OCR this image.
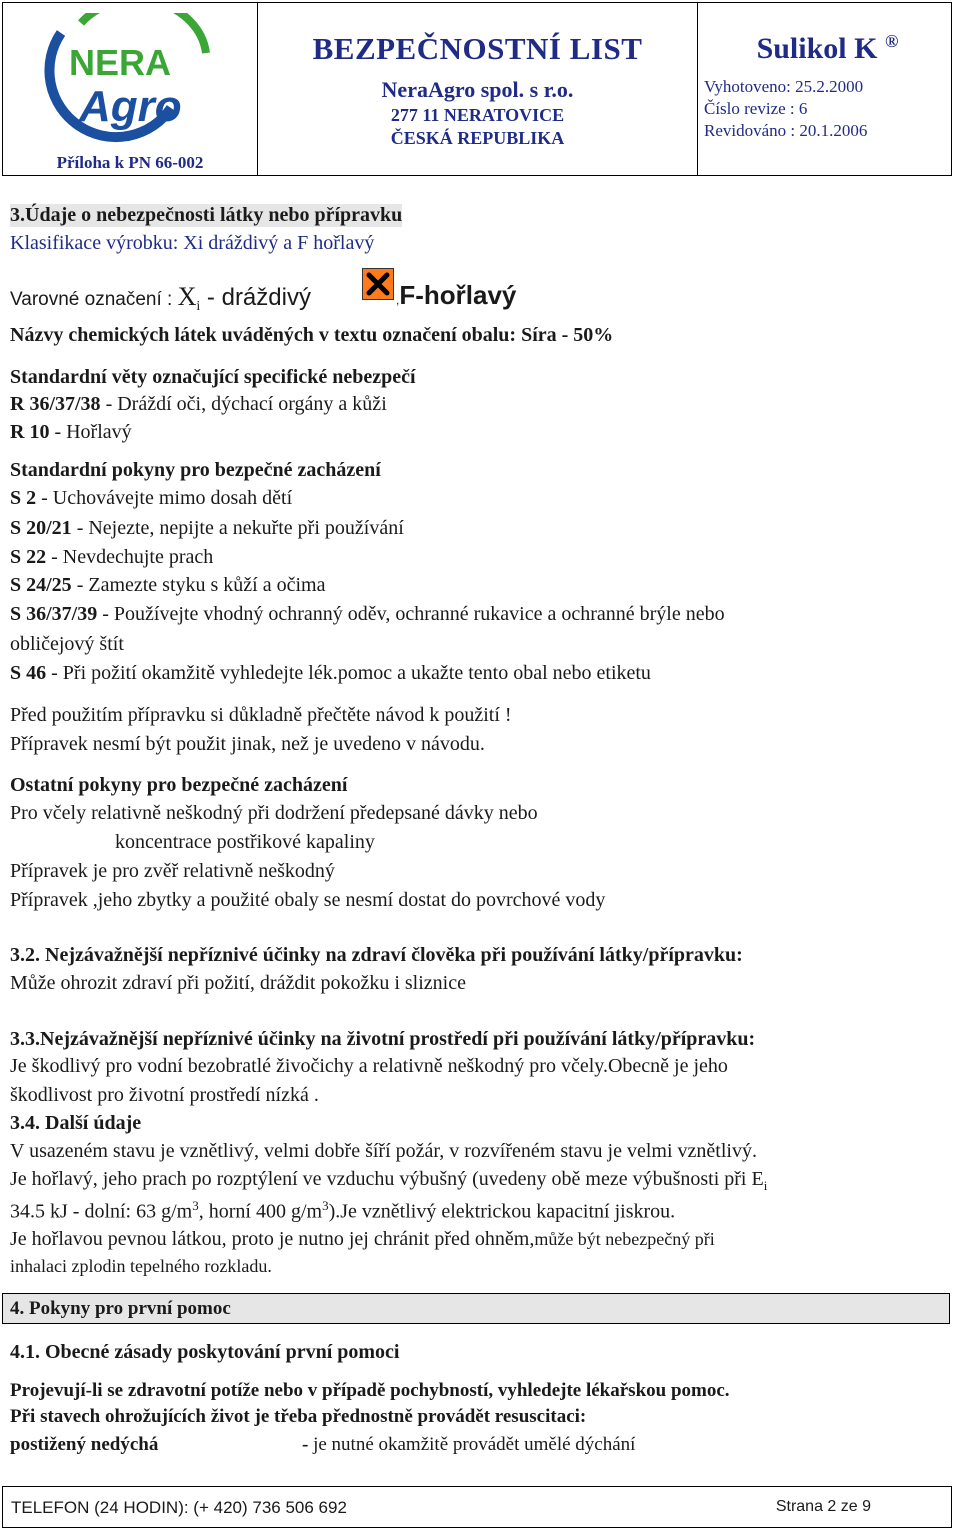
NERA
Agro
Příloha k PN 66-002
BEZPEČNOSTNÍ LIST
NeraAgro spol. s r.o.
277 11 NERATOVICE
ČESKÁ REPUBLIKA
Sulikol K ®
Vyhotoveno: 25.2.2000
Číslo revize : 6
Revidováno : 20.1.2006
3.Údaje o nebezpečnosti látky nebo přípravku
Klasifikace výrobku: Xi dráždivý a F hořlavý
Varovné označení : $X_i$ - dráždivý	,F-hořlavý
Názvy chemických látek uváděných v textu označení obalu: Síra - 50%
Standardní věty označující specifické nebezpečí
R 36/37/38 - Dráždí oči, dýchací orgány a kůži
R 10 - Hořlavý
Standardní pokyny pro bezpečné zacházení
S 2 - Uchovávejte mimo dosah dětí
S 20/21 - Nejezte, nepijte a nekuřte při používání
S 22 - Nevdechujte prach
S 24/25 - Zamezte styku s kůží a očima
S 36/37/39 - Používejte vhodný ochranný oděv, ochranné rukavice a ochranné brýle nebo
obličejový štít
S 46 - Při požití okamžitě vyhledejte lék.pomoc a ukažte tento obal nebo etiketu
Před použitím přípravku si důkladně přečtěte návod k použití !
Přípravek nesmí být použit jinak, než je uvedeno v návodu.
Ostatní pokyny pro bezpečné zacházení
Pro včely relativně neškodný při dodržení předepsané dávky nebo
koncentrace postřikové kapaliny
Přípravek je pro zvěř relativně neškodný
Přípravek ,jeho zbytky a použité obaly se nesmí dostat do povrchové vody
3.2. Nejzávažnější nepříznivé účinky na zdraví člověka při používání látky/přípravku:
Může ohrozit zdraví při požití, dráždit pokožku i sliznice
3.3.Nejzávažnější nepříznivé účinky na životní prostředí při používání látky/přípravku:
Je škodlivý pro vodní bezobratlé živočichy a relativně neškodný pro včely.Obecně je jeho
škodlivost pro životní prostředí nízká .
3.4. Další údaje
V usazeném stavu je vznětlivý, velmi dobře šíří požár, v rozvířeném stavu je velmi vznětlivý.
Je hořlavý, jeho prach po rozptýlení ve vzduchu výbušný (uvedeny obě meze výbušnosti při $E_i$
34.5 kJ - dolní: 63 $g/m^3$, horní 400 $g/m^3).Je$ vznětlivý elektrickou kapacitní jiskrou.
Je hořlavou pevnou látkou, proto je nutno jej chránit před ohněm,může být nebezpečný při
inhalaci zplodin tepelného rozkladu.
4. Pokyny pro první pomoc
4.1. Obecné zásady poskytování první pomoci
Projevují-li se zdravotní potíže nebo v případě pochybností, vyhledejte lékařskou pomoc.
Při stavech ohrožujících život je třeba přednostně provádět resuscitaci:
postižený nedýchá	- je nutné okamžitě provádět umělé dýchání
TELEFON (24 HODIN): (+ 420) 736 506 692	Strana 2 ze 9
